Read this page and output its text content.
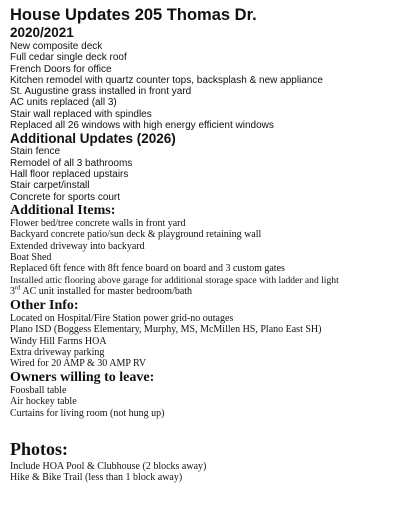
House Updates 205 Thomas Dr.
2020/2021
New composite deck
Full cedar single deck roof
French Doors for office
Kitchen remodel with quartz counter tops, backsplash & new appliance
St. Augustine grass installed in front yard
AC units replaced (all 3)
Stair wall replaced with spindles
Replaced all 26 windows with high energy efficient windows
Additional Updates (2026)
Stain fence
Remodel of all 3 bathrooms
Hall floor replaced upstairs
Stair carpet/install
Concrete for sports court
Additional Items:
Flower bed/tree concrete walls in front yard
Backyard concrete patio/sun deck & playground retaining wall
Extended driveway into backyard
Boat Shed
Replaced 6ft fence with 8ft fence board on board and 3 custom gates
Installed attic flooring above garage for additional storage space with ladder and light
3rd AC unit installed for master bedroom/bath
Other Info:
Located on Hospital/Fire Station power grid-no outages
Plano ISD (Boggess Elementary, Murphy, MS, McMillen HS, Plano East SH)
Windy Hill Farms HOA
Extra driveway parking
Wired for 20 AMP & 30 AMP RV
Owners willing to leave:
Foosball table
Air hockey table
Curtains for living room (not hung up)
Photos:
Include HOA Pool & Clubhouse (2 blocks away)
Hike & Bike Trail (less than 1 block away)
